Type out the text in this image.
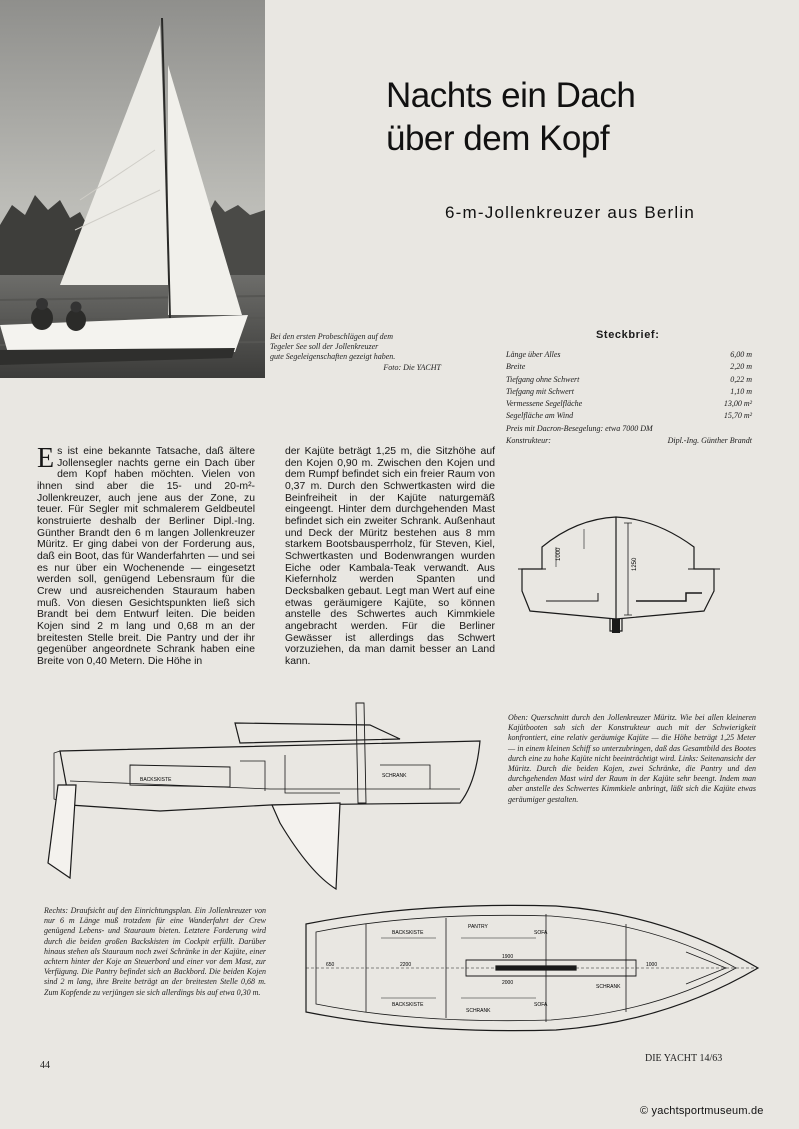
Nachts ein Dach
über dem Kopf
6-m-Jollenkreuzer aus Berlin
Bei den ersten Probeschlägen auf dem
Tegeler See soll der Jollenkreuzer
gute Segeleigenschaften gezeigt haben.
Foto: Die YACHT
Steckbrief:
Länge über Alles	6,00 m
Breite	2,20 m
Tiefgang ohne Schwert	0,22 m
Tiefgang mit Schwert	1,10 m
Vermessene Segelfläche	13,00 m²
Segelfläche am Wind	15,70 m²
Preis mit Dacron-Besegelung: etwa 7000 DM
Konstrukteur:	Dipl.-Ing. Günther Brandt
Es ist eine bekannte Tatsache, daß ältere Jollensegler nachts gerne ein Dach über dem Kopf haben möchten. Vielen von ihnen sind aber die 15- und 20-m²-Jollenkreuzer, auch jene aus der Zone, zu teuer. Für Segler mit schmalerem Geldbeutel konstruierte deshalb der Berliner Dipl.-Ing. Günther Brandt den 6 m langen Jollenkreuzer Müritz. Er ging dabei von der Forderung aus, daß ein Boot, das für Wanderfahrten — und sei es nur über ein Wochenende — eingesetzt werden soll, genügend Lebensraum für die Crew und ausreichenden Stauraum haben muß. Von diesen Gesichtspunkten ließ sich Brandt bei dem Entwurf leiten. Die beiden Kojen sind 2 m lang und 0,68 m an der breitesten Stelle breit. Die Pantry und der ihr gegenüber angeordnete Schrank haben eine Breite von 0,40 Metern. Die Höhe in
der Kajüte beträgt 1,25 m, die Sitzhöhe auf den Kojen 0,90 m. Zwischen den Kojen und dem Rumpf befindet sich ein freier Raum von 0,37 m. Durch den Schwertkasten wird die Beinfreiheit in der Kajüte naturgemäß eingeengt. Hinter dem durchgehenden Mast befindet sich ein zweiter Schrank. Außenhaut und Deck der Müritz bestehen aus 8 mm starkem Bootsbausperrholz, für Steven, Kiel, Schwertkasten und Bodenwrangen wurden Eiche oder Kambala-Teak verwandt. Aus Kiefernholz werden Spanten und Decksbalken gebaut. Legt man Wert auf eine etwas geräumigere Kajüte, so können anstelle des Schwertes auch Kimmkiele angebracht werden. Für die Berliner Gewässer ist allerdings das Schwert vorzuziehen, da man damit besser an Land kann.
1250
1000
BACKSKISTE
SCHRANK
Oben: Querschnitt durch den Jollenkreuzer Müritz. Wie bei allen kleineren Kajütbooten sah sich der Konstrukteur auch mit der Schwierigkeit konfrontiert, eine relativ geräumige Kajüte — die Höhe beträgt 1,25 Meter — in einem kleinen Schiff so unterzubringen, daß das Gesamtbild des Bootes durch eine zu hohe Kajüte nicht beeinträchtigt wird. Links: Seitenansicht der Müritz. Durch die beiden Kojen, zwei Schränke, die Pantry und den durchgehenden Mast wird der Raum in der Kajüte sehr beengt. Indem man aber anstelle des Schwertes Kimmkiele anbringt, läßt sich die Kajüte etwas geräumiger gestalten.
Rechts: Draufsicht auf den Einrichtungsplan. Ein Jollenkreuzer von nur 6 m Länge muß trotzdem für eine Wanderfahrt der Crew genügend Lebens- und Stauraum bieten. Letztere Forderung wird durch die beiden großen Backskisten im Cockpit erfüllt. Darüber hinaus stehen als Stauraum noch zwei Schränke in der Kajüte, einer achtern hinter der Koje an Steuerbord und einer vor dem Mast, zur Verfügung. Die Pantry befindet sich an Backbord. Die beiden Kojen sind 2 m lang, ihre Breite beträgt an der breitesten Stelle 0,68 m. Zum Kopfende zu verjüngen sie sich allerdings bis auf etwa 0,30 m.
BACKSKISTE
BACKSKISTE
PANTRY
SOFA
SOFA
SCHRANK
SCHRANK
650	2200
1900
2000
1000
44
DIE YACHT 14/63
© yachtsportmuseum.de
